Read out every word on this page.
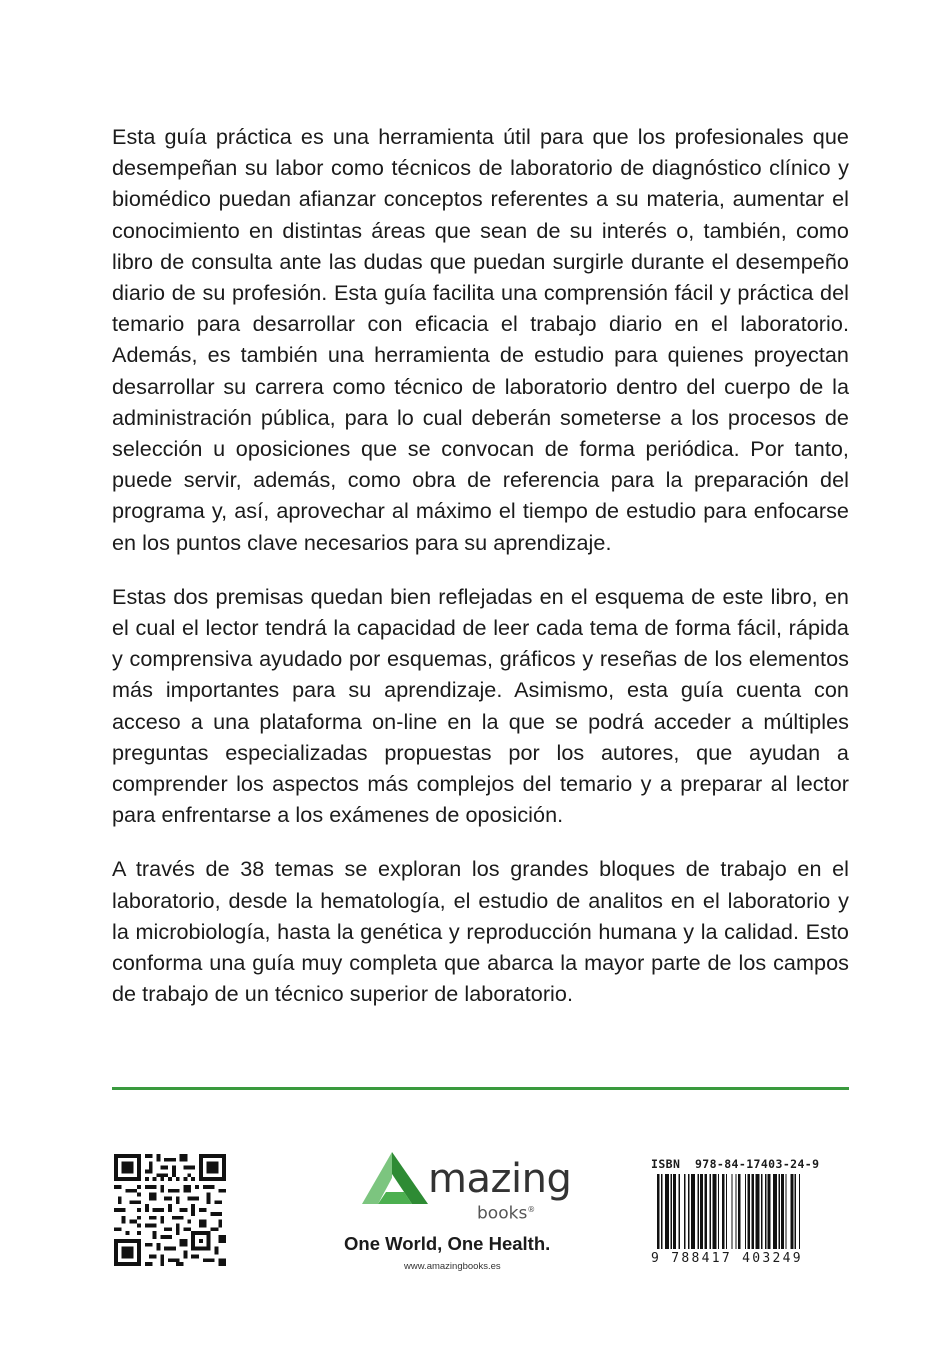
Esta guía práctica es una herramienta útil para que los profesionales que desempeñan su labor como técnicos de laboratorio de diagnóstico clínico y biomédico puedan afianzar conceptos referentes a su materia, aumentar el conocimiento en distintas áreas que sean de su interés o, también, como libro de consulta ante las dudas que puedan surgirle durante el desempeño diario de su profesión. Esta guía facilita una comprensión fácil y práctica del temario para desarrollar con eficacia el trabajo diario en el laboratorio. Además, es también una herramienta de estudio para quienes proyectan desarrollar su carrera como técnico de laboratorio dentro del cuerpo de la administración pública, para lo cual deberán someterse a los procesos de selección u oposiciones que se convocan de forma periódica. Por tanto, puede servir, además, como obra de referencia para la preparación del programa y, así, aprovechar al máximo el tiempo de estudio para enfocarse en los puntos clave necesarios para su aprendizaje.

Estas dos premisas quedan bien reflejadas en el esquema de este libro, en el cual el lector tendrá la capacidad de leer cada tema de forma fácil, rápida y comprensiva ayudado por esquemas, gráficos y reseñas de los elementos más importantes para su aprendizaje. Asimismo, esta guía cuenta con acceso a una plataforma on-line en la que se podrá acceder a múltiples preguntas especializadas propuestas por los autores, que ayudan a comprender los aspectos más complejos del temario y a preparar al lector para enfrentarse a los exámenes de oposición.

A través de 38 temas se exploran los grandes bloques de trabajo en el laboratorio, desde la hematología, el estudio de analitos en el laboratorio y la microbiología, hasta la genética y reproducción humana y la calidad. Esto conforma una guía muy completa que abarca la mayor parte de los campos de trabajo de un técnico superior de laboratorio.

mazing
books®
One World, One Health.
www.amazingbooks.es
ISBN  978-84-17403-24-9
9 788417 403249
